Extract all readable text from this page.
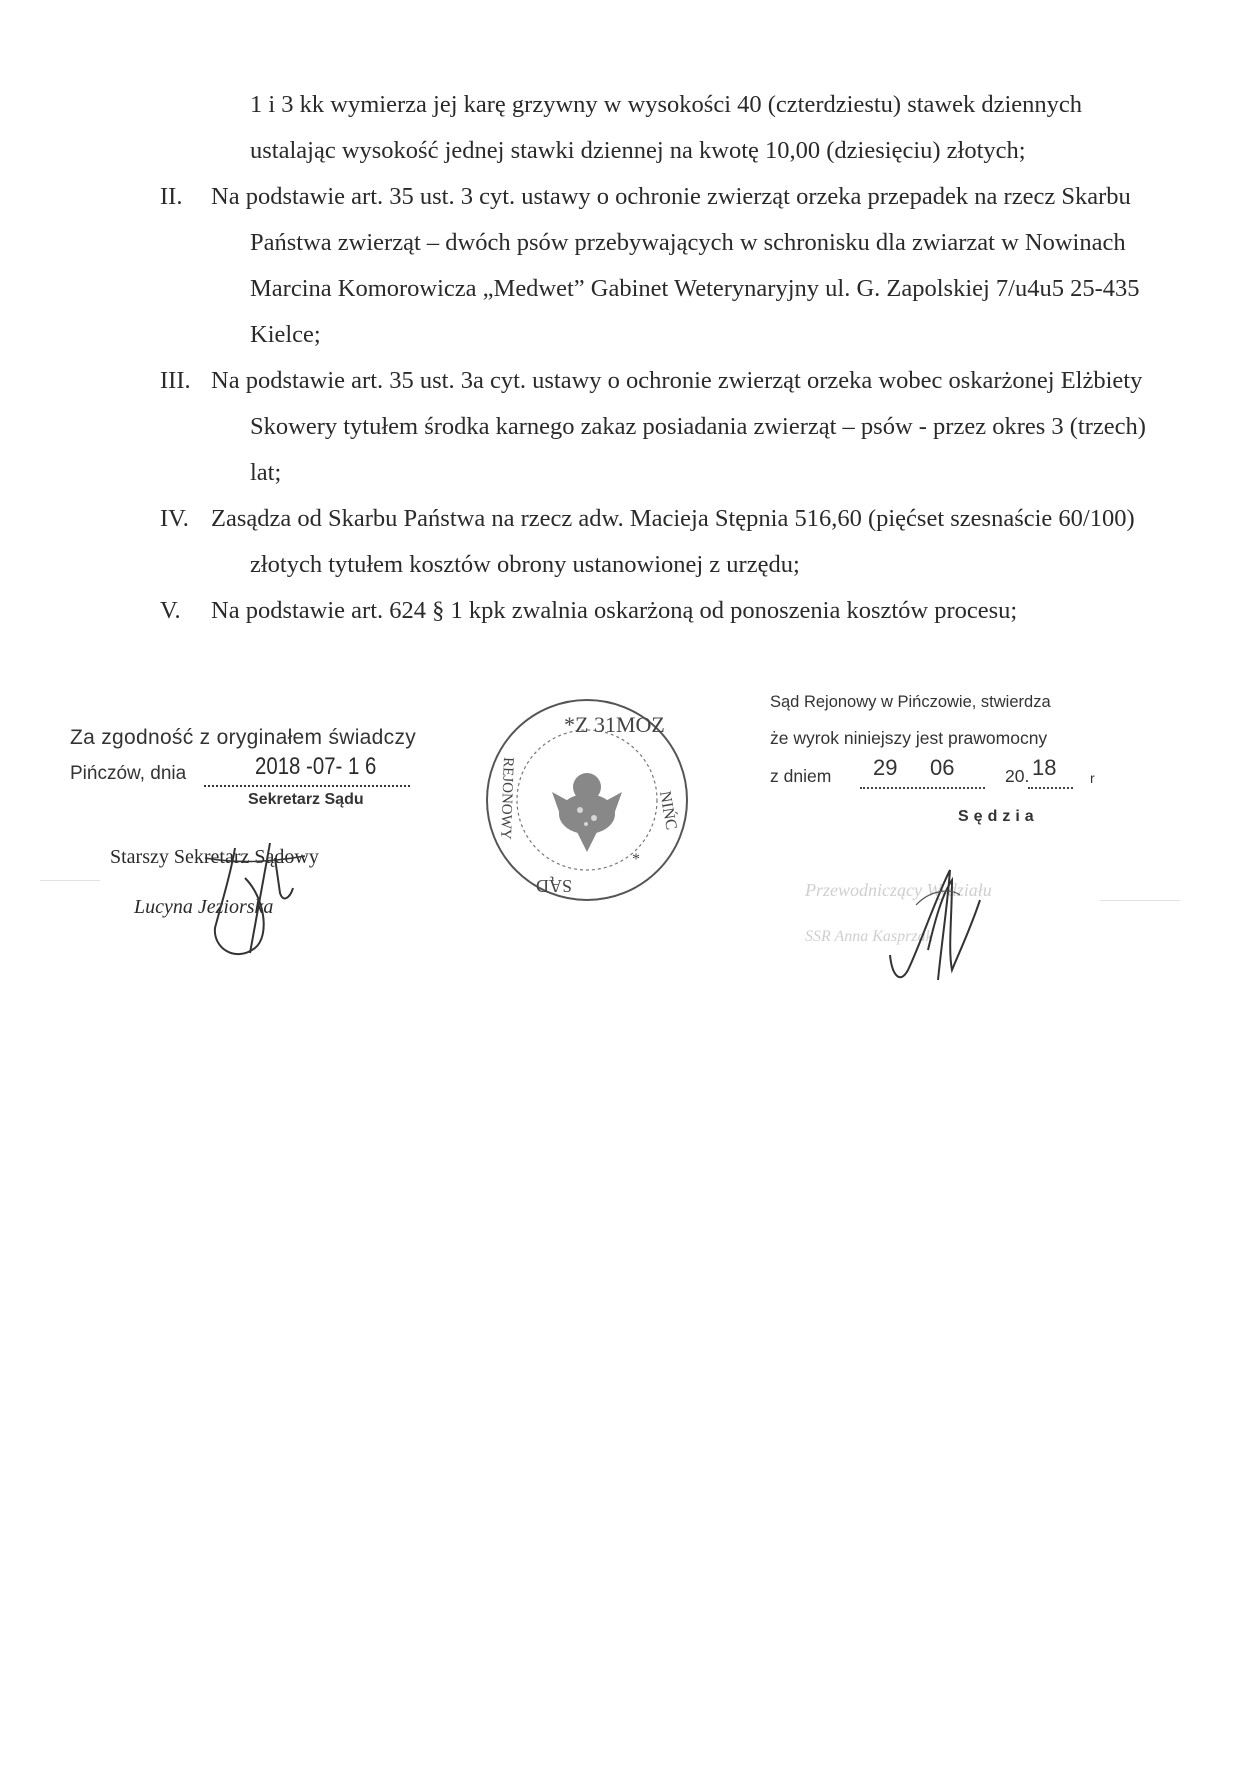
1 i 3 kk wymierza jej karę grzywny w wysokości 40 (czterdziestu) stawek dziennych
ustalając wysokość jednej stawki dziennej na kwotę 10,00 (dziesięciu) złotych;
II. Na podstawie art. 35 ust. 3 cyt. ustawy o ochronie zwierząt orzeka przepadek na rzecz Skarbu
Państwa zwierząt – dwóch psów przebywających w schronisku dla zwiarzat w Nowinach
Marcina Komorowicza „Medwet” Gabinet Weterynaryjny ul. G. Zapolskiej 7/u4u5 25-435
Kielce;
III. Na podstawie art. 35 ust. 3a cyt. ustawy o ochronie zwierząt orzeka wobec oskarżonej Elżbiety
Skowery tytułem środka karnego zakaz posiadania zwierząt – psów - przez okres 3 (trzech)
lat;
IV. Zasądza od Skarbu Państwa na rzecz adw. Macieja Stępnia 516,60 (pięćset szesnaście 60/100)
złotych tytułem kosztów obrony ustanowionej z urzędu;
V. Na podstawie art. 624 § 1 kpk zwalnia oskarżoną od ponoszenia kosztów procesu;
Za zgodność z oryginałem świadczy
Pińczów, dnia	2018 -07- 1 6
Sekretarz Sądu
Starszy Sekretarz Sądowy
Lucyna Jeziorska
*Z 31MOZ
NIŃC
REJONOWY
SĄD
*
Sąd Rejonowy w Pińczowie, stwierdza
że wyrok niniejszy jest prawomocny
z dniem 29 06	20. 18 r
Sędzia
Przewodniczący Wydziału
SSR Anna Kasprzak
